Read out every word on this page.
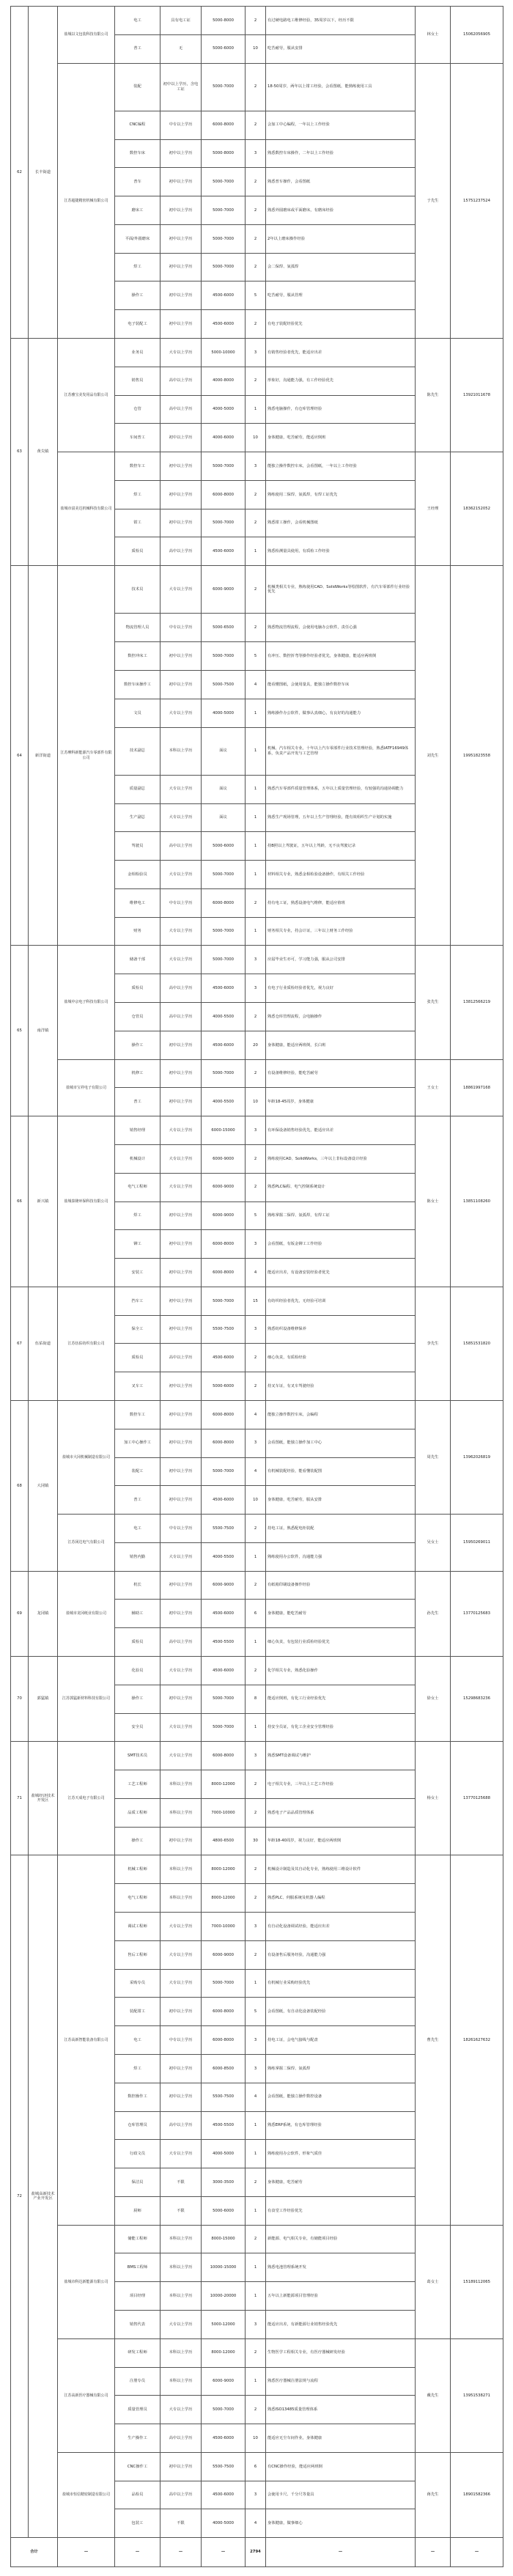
62	长丰街道	盐城以文包装科技有限公司	电工	具有电工证	5000-8000	2	有过硬电路电工维修经验，35周岁以下，经历不限	林女士	15062056905
			普工	无	5000-6000	10	吃苦耐劳，服从安排		
		江苏超捷精密机械有限公司	装配	初中以上学历，含电工证	5000-7000	2	18-50周岁，两年以上钳工经验，会看图纸，能熟练使用工具	于先生	15751237524
			CNC编程	中专以上学历	6000-8000	2	会加工中心编程，一年以上工作经验		
			数控车床	初中以上学历	5000-8000	3	熟悉数控车床操作，二年以上工作经验		
			普车	初中以上学历	5000-7000	2	熟悉普车操作，会看图纸		
			磨床工	初中以上学历	5000-7000	2	熟悉外圆磨床或平面磨床，有磨床经验		
			平面/外圆磨床	初中以上学历	5000-7000	2	2年以上磨床操作经验		
			焊工	初中以上学历	5000-7000	2	会二保焊、氩弧焊		
			操作工	初中以上学历	4500-6000	5	吃苦耐劳，服从管理		
			电子装配工	初中以上学历	4500-6000	2	有电子装配经验优先		
63	黄尖镇	江苏雅宝美发用品有限公司	业务员	大专以上学历	5000-10000	3	有销售经验者优先，能适应出差	陈先生	13921011678
			销售员	高中以上学历	4000-8000	2	形象好，沟通能力强，有工作经验优先		
			仓管	高中以上学历	4000-5000	1	熟悉电脑操作，有仓库管理经验		
			车间普工	初中以上学历	4000-6000	10	身体健康，吃苦耐劳，能适应倒班		
		盐城市富美达机械科技有限公司	数控车工	初中以上学历	5000-7000	3	能独立操作数控车床，会看图纸，一年以上工作经验	王经理	18362152052
			焊工	初中以上学历	6000-8000	2	熟练使用二保焊、氩弧焊，有焊工证优先		
			钳工	初中以上学历	5000-7000	2	熟悉钳工操作，会看机械图纸		
			质检员	高中以上学历	4500-6000	1	熟悉检测量具使用，有质检工作经验		
64	新洋街道	江苏摩科新能源汽车零部件有限公司	技术员	大专以上学历	6000-9000	2	机械类相关专业，熟练使用CAD、SolidWorks等绘图软件，有汽车零部件行业经验优先	刘先生	19951823558
			物流管理人员	中专以上学历	5000-6500	2	熟悉物流管理流程，会使用电脑办公软件，责任心强		
			数控冲床工	初中以上学历	5000-7000	5	有冲压、数控折弯等操作经验者优先，身体健康，能适应两班倒		
			数控车床操作工	初中以上学历	5000-7500	4	能看懂图纸，会使用量具，能独立操作数控车床		
			文员	大专以上学历	4000-5000	1	熟练操作办公软件，做事认真细心，有良好的沟通能力		
			技术副总	本科以上学历	面议	1	机械、汽车相关专业，十年以上汽车零部件行业技术管理经验，熟悉IATF16949体系，负责产品开发与工艺管理		
			质量副总	大专以上学历	面议	1	熟悉汽车零部件质量管理体系，五年以上质量管理经验，有较强的沟通协调能力		
			生产副总	大专以上学历	面议	1	熟悉生产现场管理，五年以上生产管理经验，能有效组织生产计划的实施		
			驾驶员	高中以上学历	5000-6000	1	持B照以上驾驶证，五年以上驾龄，无不良驾驶记录		
			金相检验员	大专以上学历	5000-7000	1	材料相关专业，熟悉金相检验设备操作，有相关工作经验		
			维修电工	中专以上学历	6000-8000	2	持有电工证，熟悉设备电气维修，能适应值班		
			财务	大专以上学历	5000-7000	1	财务相关专业，持会计证，三年以上财务工作经验		
65	南洋镇	盐城中京电子科技有限公司	储备干部	大专以上学历	5000-7000	3	应届毕业生亦可，学习能力强，服从公司安排	张先生	13812566219
			质检员	高中以上学历	4500-6000	3	有电子行业质检经验者优先，视力良好		
			仓管员	高中以上学历	4000-5500	2	熟悉仓库管理流程，会电脑操作		
			操作工	初中以上学历	4500-6000	20	身体健康，能适应两班倒，长白班		
		盐城市宝祥电子有限公司	机修工	初中以上学历	5000-7000	2	有设备维修经验，能吃苦耐劳	王女士	18861997168
			普工	初中以上学历	4000-5500	10	年龄18-45周岁，身体健康		
66	新兴镇	盐城泰隆环保科技有限公司	销售经理	大专以上学历	6000-15000	3	有环保设备销售经验优先，能适应出差	陈女士	13851108260
			机械设计	大专以上学历	6000-9000	2	熟练使用CAD、SolidWorks，三年以上非标设备设计经验		
			电气工程师	大专以上学历	6000-9000	2	熟悉PLC编程、电气控制系统设计		
			焊工	初中以上学历	6000-9000	5	熟练掌握二保焊、氩弧焊，有焊工证		
			铆工	初中以上学历	6000-8000	3	会看图纸，有钣金铆工工作经验		
			安装工	初中以上学历	6000-8000	4	能适应出差，有设备安装经验者优先		
67	伍佑街道	江苏伍佑纺织有限公司	挡车工	初中以上学历	5000-7000	15	有纺织经验者优先，无经验可培训	李先生	15851531820
			保全工	初中以上学历	5500-7500	3	熟悉纺织设备维修保养		
			质检员	高中以上学历	4500-6000	2	细心负责，有质检经验		
			叉车工	初中以上学历	5000-6000	2	持叉车证，有叉车驾驶经验		
68	大冈镇	盐城市大冈机械制造有限公司	数控车工	初中以上学历	6000-8000	4	能独立操作数控车床，会编程	周先生	13962026819
			加工中心操作工	初中以上学历	6000-8000	3	会看图纸，能独立操作加工中心		
			装配工	初中以上学历	5000-7000	4	有机械装配经验，能看懂装配图		
			普工	初中以上学历	4500-6000	10	身体健康，吃苦耐劳，服从安排		
		江苏冈达电气有限公司	电工	中专以上学历	5500-7500	2	持电工证，熟悉配电柜装配	吴女士	15950269011
			销售内勤	大专以上学历	4000-5500	1	熟练使用办公软件，沟通能力强		
69	龙冈镇	盐城市龙冈纸业有限公司	机长	初中以上学历	6000-9000	2	有纸箱印刷设备操作经验	孙先生	13770125683
			辅助工	初中以上学历	4500-6000	6	身体健康，能吃苦耐劳		
			质检员	高中以上学历	4500-5500	1	细心负责，有包装行业质检经验优先		
70	郭猛镇	江苏郭猛新材料科技有限公司	化验员	大专以上学历	4500-6000	2	化学相关专业，熟悉化验操作	徐女士	15298683236
			操作工	初中以上学历	5000-7000	8	能适应倒班，有化工行业经验优先		
			安全员	大专以上学历	5000-7000	1	持安全员证，有化工企业安全管理经验		
71	盐城经济技术开发区	江苏天成电子有限公司	SMT技术员	大专以上学历	6000-8000	3	熟悉SMT设备调试与维护	杨女士	13770125688
			工艺工程师	本科以上学历	8000-12000	2	电子相关专业，三年以上工艺工作经验		
			品质工程师	本科以上学历	7000-10000	2	熟悉电子产品品质管理体系		
			操作工	初中以上学历	4800-6500	30	年龄18-40周岁，视力良好，能适应两班倒		
72	盐城高新技术产业开发区	江苏高新智能装备有限公司	机械工程师	本科以上学历	8000-12000	2	机械设计制造及其自动化专业，熟练使用三维设计软件	曹先生	18261627632
			电气工程师	本科以上学历	8000-12000	2	熟悉PLC、伺服系统及机器人编程		
			调试工程师	大专以上学历	7000-10000	3	有自动化设备调试经验，能适应出差		
			售后工程师	大专以上学历	6000-9000	2	有设备售后服务经验，沟通能力强		
			采购专员	大专以上学历	5000-7000	1	有机械行业采购经验优先		
			装配钳工	初中以上学历	6000-8000	5	会看图纸，有自动化设备装配经验		
			电工	中专以上学历	6000-8000	3	持电工证，会电气接线与配盘		
			焊工	初中以上学历	6000-8500	3	熟练掌握二保焊、氩弧焊		
			数控操作工	初中以上学历	5500-7500	4	会看图纸，能独立操作数控设备		
			仓库管理员	高中以上学历	4500-5500	1	熟悉ERP系统，有仓库管理经验		
			行政文员	大专以上学历	4000-5000	1	熟练使用办公软件，形象气质佳		
			保洁员	不限	3000-3500	2	身体健康，吃苦耐劳		
			厨师	不限	5000-6000	1	有食堂工作经验优先		
		盐城市科达新能源有限公司	储能工程师	本科以上学历	8000-15000	2	新能源、电气相关专业，有储能项目经验	葛女士	15189112065
			BMS工程师	本科以上学历	10000-15000	1	熟悉电池管理系统开发		
			项目经理	本科以上学历	10000-20000	1	五年以上新能源项目管理经验		
			销售代表	大专以上学历	5000-12000	3	能适应出差，有新能源行业销售经验优先		
		江苏高新医疗器械有限公司	研发工程师	本科以上学历	8000-12000	2	生物医学工程相关专业，有医疗器械研发经验	戴先生	13951538271
			注册专员	本科以上学历	6000-9000	1	熟悉医疗器械注册法规与流程		
			质量管理员	大专以上学历	5000-7000	2	熟悉ISO13485质量管理体系		
			生产操作工	高中以上学历	4500-6000	10	能适应无尘车间作业，身体健康		
		盐城市恒信精密制造有限公司	CNC操作工	初中以上学历	5500-7500	6	有CNC操作经验，能适应两班倒	蒋先生	18901582366
			品检员	高中以上学历	4500-6000	3	会使用卡尺、千分尺等量具		
			包装工	不限	4000-5000	4	身体健康，做事细心		
合计		—	—	—	—	2794	—	—	—
